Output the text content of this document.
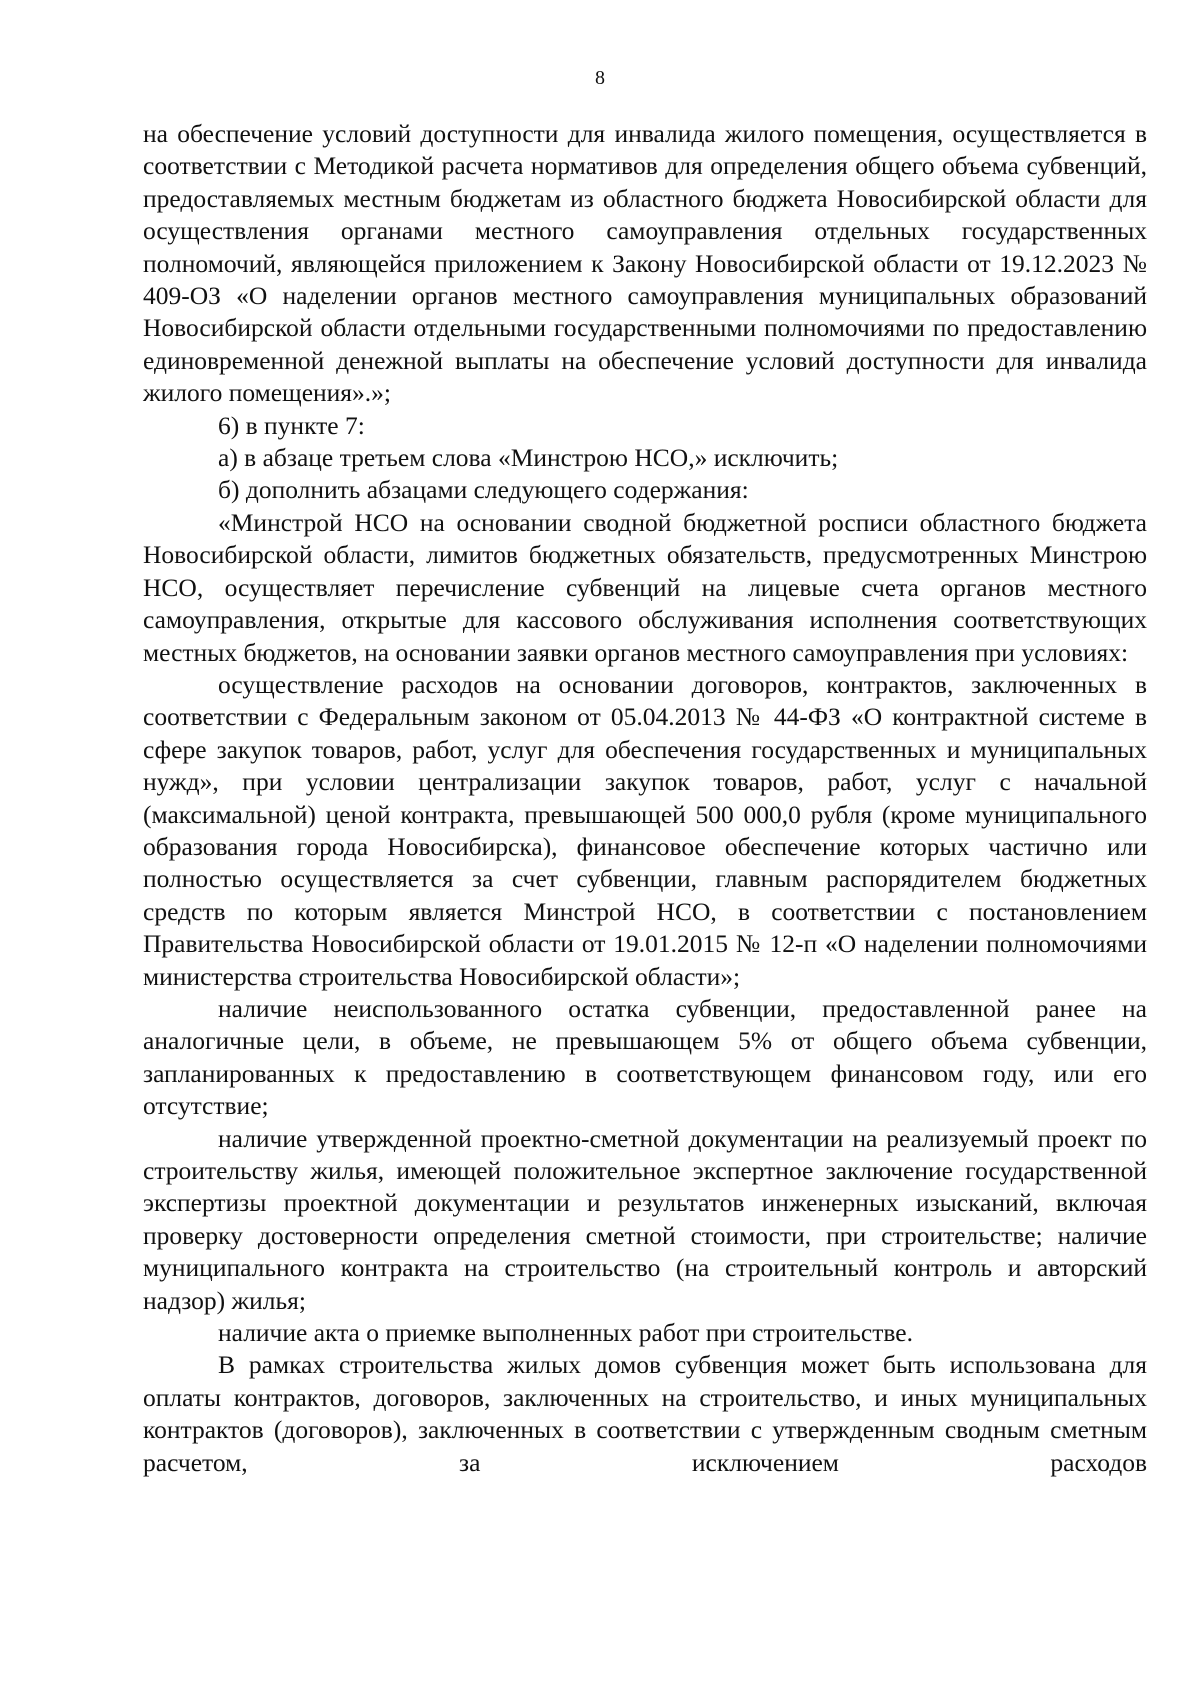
8

на обеспечение условий доступности для инвалида жилого помещения, осуществляется в соответствии с Методикой расчета нормативов для определения общего объема субвенций, предоставляемых местным бюджетам из областного бюджета Новосибирской области для осуществления органами местного самоуправления отдельных государственных полномочий, являющейся приложением к Закону Новосибирской области от 19.12.2023 № 409-ОЗ «О наделении органов местного самоуправления муниципальных образований Новосибирской области отдельными государственными полномочиями по предоставлению единовременной денежной выплаты на обеспечение условий доступности для инвалида жилого помещения».»;

6) в пункте 7:

а) в абзаце третьем слова «Минстрою НСО,» исключить;

б) дополнить абзацами следующего содержания:

«Минстрой НСО на основании сводной бюджетной росписи областного бюджета Новосибирской области, лимитов бюджетных обязательств, предусмотренных Минстрою НСО, осуществляет перечисление субвенций на лицевые счета органов местного самоуправления, открытые для кассового обслуживания исполнения соответствующих местных бюджетов, на основании заявки органов местного самоуправления при условиях:

осуществление расходов на основании договоров, контрактов, заключенных в соответствии с Федеральным законом от 05.04.2013 № 44-ФЗ «О контрактной системе в сфере закупок товаров, работ, услуг для обеспечения государственных и муниципальных нужд», при условии централизации закупок товаров, работ, услуг с начальной (максимальной) ценой контракта, превышающей 500 000,0 рубля (кроме муниципального образования города Новосибирска), финансовое обеспечение которых частично или полностью осуществляется за счет субвенции, главным распорядителем бюджетных средств по которым является Минстрой НСО, в соответствии с постановлением Правительства Новосибирской области от 19.01.2015 № 12-п «О наделении полномочиями министерства строительства Новосибирской области»;

наличие неиспользованного остатка субвенции, предоставленной ранее на аналогичные цели, в объеме, не превышающем 5% от общего объема субвенции, запланированных к предоставлению в соответствующем финансовом году, или его отсутствие;

наличие утвержденной проектно-сметной документации на реализуемый проект по строительству жилья, имеющей положительное экспертное заключение государственной экспертизы проектной документации и результатов инженерных изысканий, включая проверку достоверности определения сметной стоимости, при строительстве; наличие муниципального контракта на строительство (на строительный контроль и авторский надзор) жилья;

наличие акта о приемке выполненных работ при строительстве.

В рамках строительства жилых домов субвенция может быть использована для оплаты контрактов, договоров, заключенных на строительство, и иных муниципальных контрактов (договоров), заключенных в соответствии с утвержденным сводным сметным расчетом, за исключением расходов
